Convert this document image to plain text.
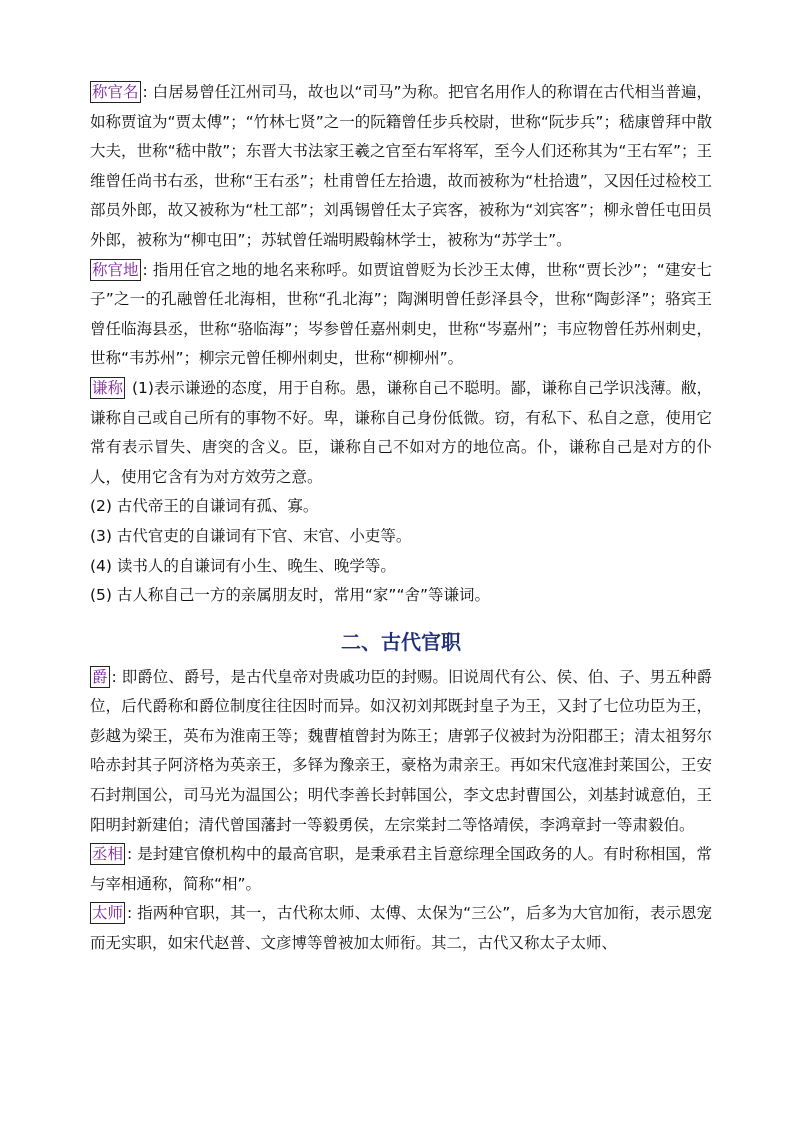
称官名 : 白居易曾任江州司马，故也以“司马”为称。把官名用作人的称谓在古代相当普遍，如称贾谊为“贾太傅”；“竹林七贤”之一的阮籍曾任步兵校尉，世称“阮步兵”；嵇康曾拜中散大夫，世称“嵇中散”；东晋大书法家王羲之官至右军将军，至今人们还称其为“王右军”；王维曾任尚书右丞，世称“王右丞”；杜甫曾任左拾遗，故而被称为“杜拾遗”，又因任过检校工部员外郎，故又被称为“杜工部”；刘禹锡曾任太子宾客，被称为“刘宾客”；柳永曾任屯田员外郎，被称为“柳屯田”；苏轼曾任端明殿翰林学士，被称为“苏学士”。

称官地 : 指用任官之地的地名来称呼。如贾谊曾贬为长沙王太傅，世称“贾长沙”；“建安七子”之一的孔融曾任北海相，世称“孔北海”；陶渊明曾任彭泽县令，世称“陶彭泽”；骆宾王曾任临海县丞，世称“骆临海”；岑参曾任嘉州刺史，世称“岑嘉州”；韦应物曾任苏州刺史，世称“韦苏州”；柳宗元曾任柳州刺史，世称“柳柳州”。

谦称 (1)表示谦逊的态度，用于自称。愚，谦称自己不聪明。鄙，谦称自己学识浅薄。敝，谦称自己或自己所有的事物不好。卑，谦称自己身份低微。窃，有私下、私自之意，使用它常有表示冒失、唐突的含义。臣，谦称自己不如对方的地位高。仆，谦称自己是对方的仆人，使用它含有为对方效劳之意。

(2) 古代帝王的自谦词有孤、寡。

(3) 古代官吏的自谦词有下官、末官、小吏等。

(4) 读书人的自谦词有小生、晚生、晚学等。

(5) 古人称自己一方的亲属朋友时，常用“家”“舍”等谦词。

二、古代官职

爵 : 即爵位、爵号，是古代皇帝对贵戚功臣的封赐。旧说周代有公、侯、伯、子、男五种爵位，后代爵称和爵位制度往往因时而异。如汉初刘邦既封皇子为王，又封了七位功臣为王，彭越为梁王，英布为淮南王等；魏曹植曾封为陈王；唐郭子仪被封为汾阳郡王；清太祖努尔哈赤封其子阿济格为英亲王，多铎为豫亲王，豪格为肃亲王。再如宋代寇准封莱国公，王安石封荆国公，司马光为温国公；明代李善长封韩国公，李文忠封曹国公，刘基封诚意伯，王阳明封新建伯；清代曾国藩封一等毅勇侯，左宗棠封二等恪靖侯，李鸿章封一等肃毅伯。

丞相 : 是封建官僚机构中的最高官职，是秉承君主旨意综理全国政务的人。有时称相国，常与宰相通称，简称“相”。

太师 : 指两种官职，其一，古代称太师、太傅、太保为“三公”，后多为大官加衔，表示恩宠而无实职，如宋代赵普、文彦博等曾被加太师衔。其二，古代又称太子太师、
